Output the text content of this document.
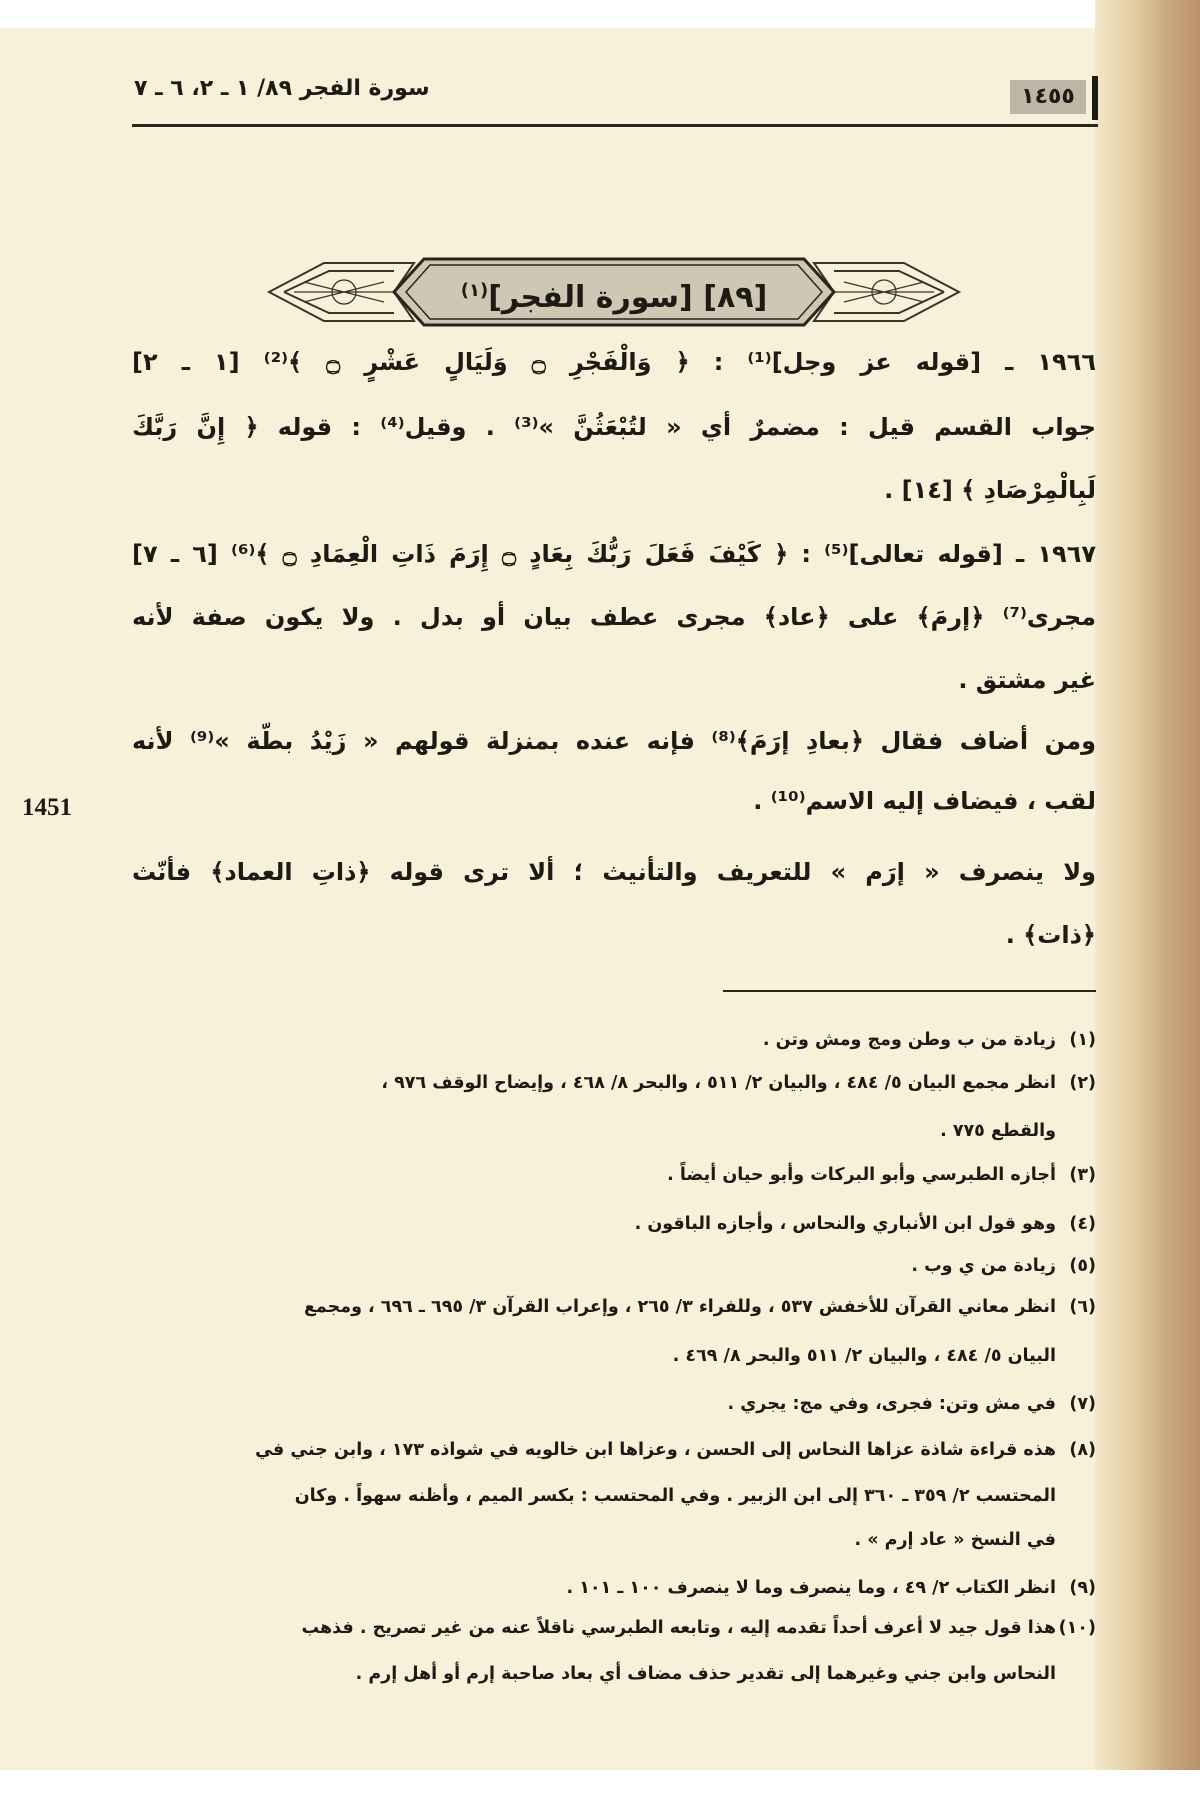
١٤٥٥
سورة الفجر ٨٩/ ١ ـ ٢، ٦ ـ ٧
[٨٩] [سورة الفجر]$^{(١)}$
١٩٦٦ ـ [قوله عز وجل]⁽¹⁾ : ﴿ وَالْفَجْرِ ۝ وَلَيَالٍ عَشْرٍ ۝ ﴾⁽²⁾ [١ ـ ٢]
جواب القسم قيل : مضمرٌ أي « لتُبْعَثُنَّ »⁽³⁾ . وقيل⁽⁴⁾ : قوله ﴿ إِنَّ رَبَّكَ
لَبِالْمِرْصَادِ ﴾ [١٤] .
١٩٦٧ ـ [قوله تعالى]⁽⁵⁾ : ﴿ كَيْفَ فَعَلَ رَبُّكَ بِعَادٍ ۝ إِرَمَ ذَاتِ الْعِمَادِ ۝ ﴾⁽⁶⁾ [٦ ـ ٧]
مجرى⁽⁷⁾ ﴿إرمَ﴾ على ﴿عاد﴾ مجرى عطف بيان أو بدل . ولا يكون صفة لأنه
غير مشتق .
ومن أضاف فقال ﴿بعادِ إرَمَ﴾⁽⁸⁾ فإنه عنده بمنزلة قولهم « زَيْدُ بطّة »⁽⁹⁾ لأنه
لقب ، فيضاف إليه الاسم⁽¹⁰⁾ .
ولا ينصرف « إرَم » للتعريف والتأنيث ؛ ألا ترى قوله ﴿ذاتِ العماد﴾ فأنّث
﴿ذات﴾ .
1451
(١)زيادة من ب وطن ومج ومش وتن .
(٢)انظر مجمع البيان ٥/ ٤٨٤ ، والبيان ٢/ ٥١١ ، والبحر ٨/ ٤٦٨ ، وإيضاح الوقف ٩٧٦ ،
والقطع ٧٧٥ .
(٣)أجازه الطبرسي وأبو البركات وأبو حيان أيضاً .
(٤)وهو قول ابن الأنباري والنحاس ، وأجازه الباقون .
(٥)زيادة من ي وب .
(٦)انظر معاني القرآن للأخفش ٥٣٧ ، وللفراء ٣/ ٢٦٥ ، وإعراب القرآن ٣/ ٦٩٥ ـ ٦٩٦ ، ومجمع
البيان ٥/ ٤٨٤ ، والبيان ٢/ ٥١١ والبحر ٨/ ٤٦٩ .
(٧)في مش وتن: فجرى، وفي مج: يجري .
(٨)هذه قراءة شاذة عزاها النحاس إلى الحسن ، وعزاها ابن خالويه في شواذه ١٧٣ ، وابن جني في
المحتسب ٢/ ٣٥٩ ـ ٣٦٠ إلى ابن الزبير . وفي المحتسب : بكسر الميم ، وأظنه سهواً . وكان
في النسخ « عاد إرم » .
(٩)انظر الكتاب ٢/ ٤٩ ، وما ينصرف وما لا ينصرف ١٠٠ ـ ١٠١ .
(١٠)هذا قول جيد لا أعرف أحداً تقدمه إليه ، وتابعه الطبرسي ناقلاً عنه من غير تصريح . فذهب
النحاس وابن جني وغيرهما إلى تقدير حذف مضاف أي بعاد صاحبة إرم أو أهل إرم .
